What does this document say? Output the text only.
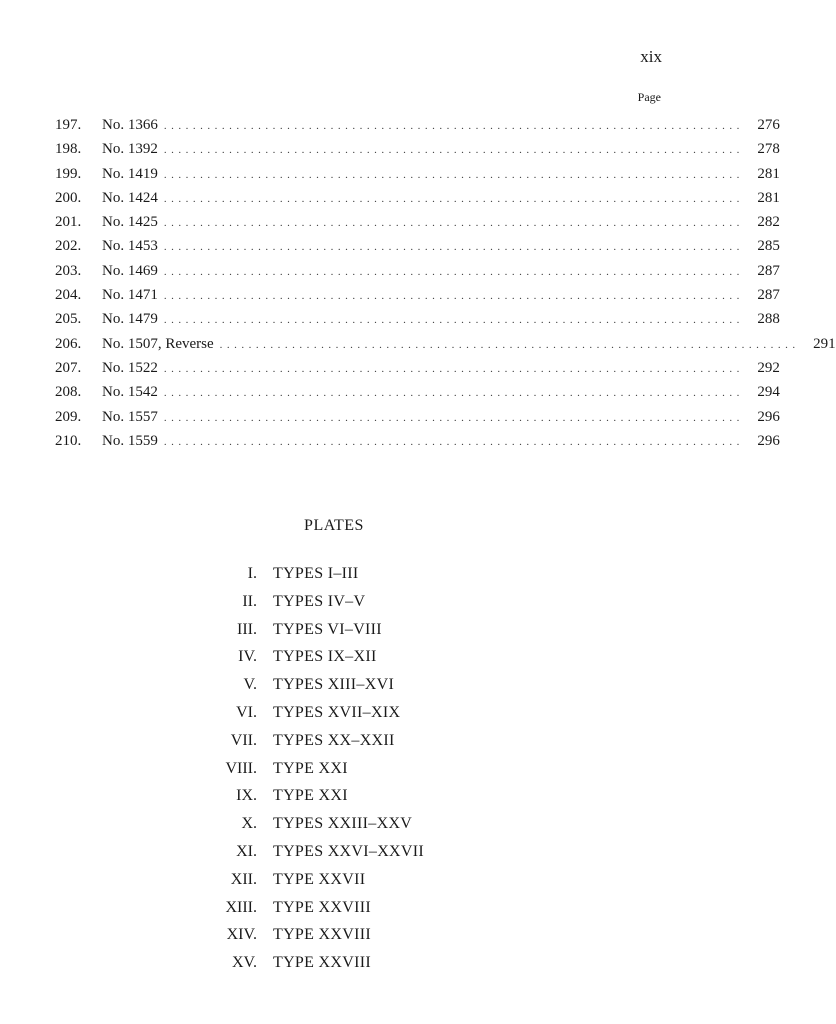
xix
Page
197.	No. 1366 ................................................................................ 276
198.	No. 1392 ................................................................................ 278
199.	No. 1419 ................................................................................ 281
200.	No. 1424 ................................................................................ 281
201.	No. 1425 ................................................................................ 282
202.	No. 1453 ................................................................................ 285
203.	No. 1469 ................................................................................ 287
204.	No. 1471 ................................................................................ 287
205.	No. 1479 ................................................................................ 288
206.	No. 1507, Reverse ................................................................................ 291
207.	No. 1522 ................................................................................ 292
208.	No. 1542 ................................................................................ 294
209.	No. 1557 ................................................................................ 296
210.	No. 1559 ................................................................................ 296
PLATES
I.	TYPES I–III
II.	TYPES IV–V
III.	TYPES VI–VIII
IV.	TYPES IX–XII
V.	TYPES XIII–XVI
VI.	TYPES XVII–XIX
VII.	TYPES XX–XXII
VIII.	TYPE XXI
IX.	TYPE XXI
X.	TYPES XXIII–XXV
XI.	TYPES XXVI–XXVII
XII.	TYPE XXVII
XIII.	TYPE XXVIII
XIV.	TYPE XXVIII
XV.	TYPE XXVIII
